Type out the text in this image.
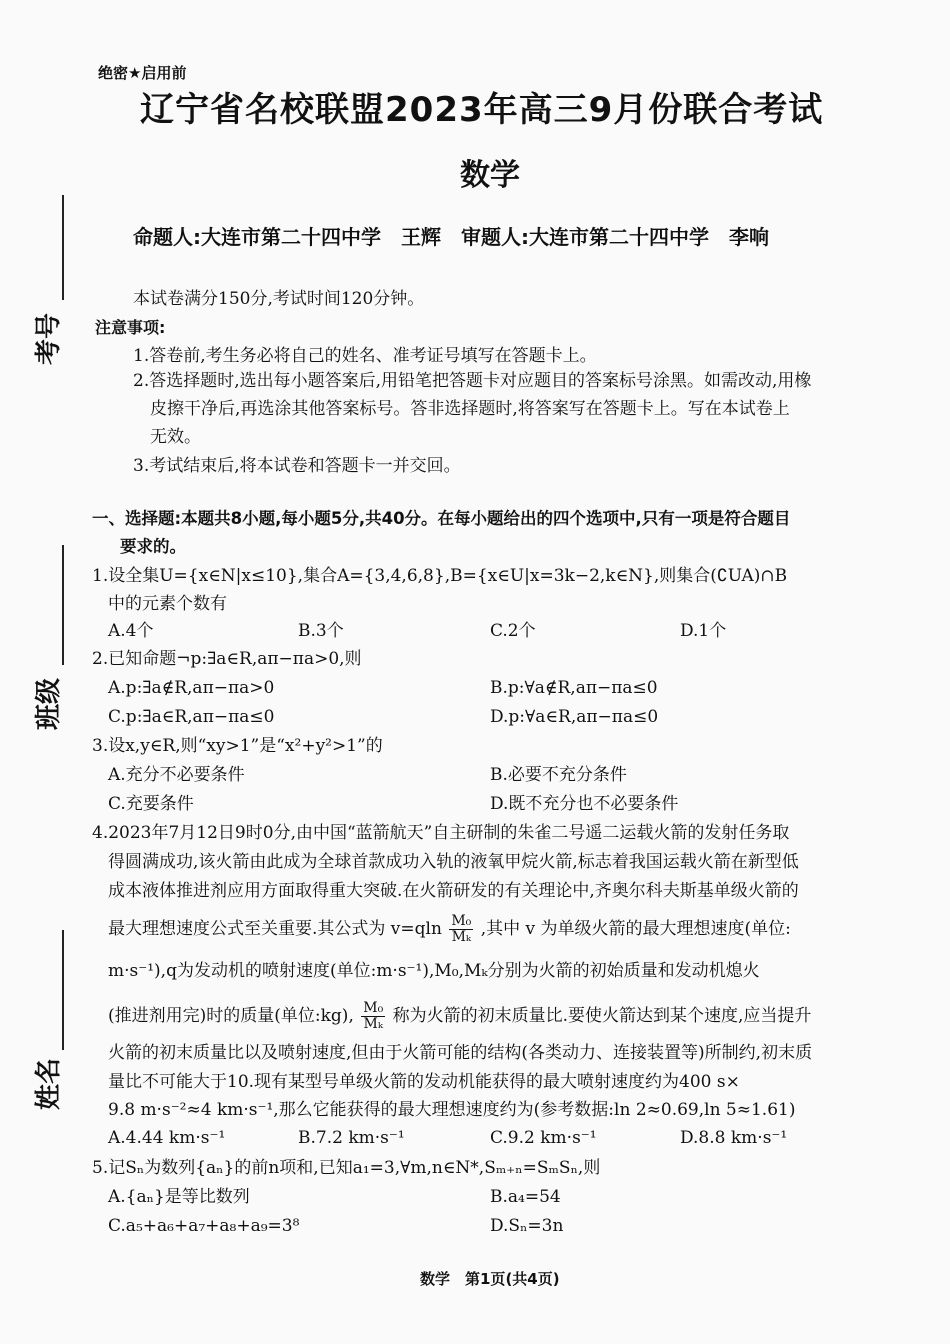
绝密★启用前
辽宁省名校联盟2023年高三9月份联合考试
数学
命题人:大连市第二十四中学　王辉　审题人:大连市第二十四中学　李响
考号
班级
姓名
本试卷满分150分,考试时间120分钟。
注意事项:
1.答卷前,考生务必将自己的姓名、准考证号填写在答题卡上。
2.答选择题时,选出每小题答案后,用铅笔把答题卡对应题目的答案标号涂黑。如需改动,用橡
皮擦干净后,再选涂其他答案标号。答非选择题时,将答案写在答题卡上。写在本试卷上
无效。
3.考试结束后,将本试卷和答题卡一并交回。
一、选择题:本题共8小题,每小题5分,共40分。在每小题给出的四个选项中,只有一项是符合题目
要求的。
1.设全集U={x∈N|x≤10},集合A={3,4,6,8},B={x∈U|x=3k−2,k∈N},则集合(∁UA)∩B
中的元素个数有
A.4个	B.3个	C.2个	D.1个
2.已知命题¬p:∃a∈R,aπ−πa>0,则
A.p:∃a∉R,aπ−πa>0	B.p:∀a∉R,aπ−πa≤0
C.p:∃a∈R,aπ−πa≤0	D.p:∀a∈R,aπ−πa≤0
3.设x,y∈R,则“xy>1”是“x²+y²>1”的
A.充分不必要条件	B.必要不充分条件
C.充要条件	D.既不充分也不必要条件
4.2023年7月12日9时0分,由中国“蓝箭航天”自主研制的朱雀二号遥二运载火箭的发射任务取
得圆满成功,该火箭由此成为全球首款成功入轨的液氧甲烷火箭,标志着我国运载火箭在新型低
成本液体推进剂应用方面取得重大突破.在火箭研发的有关理论中,齐奥尔科夫斯基单级火箭的
最大理想速度公式至关重要.其公式为 $v=qln \frac{\text{M₀}}{\text{Mₖ}}$ ,其中 v 为单级火箭的最大理想速度(单位:
m·s⁻¹),q为发动机的喷射速度(单位:m·s⁻¹),M₀,Mₖ分别为火箭的初始质量和发动机熄火
(推进剂用完)时的质量(单位:kg), $\frac{\text{M₀}}{\text{Mₖ}}$ 称为火箭的初末质量比.要使火箭达到某个速度,应当提升
火箭的初末质量比以及喷射速度,但由于火箭可能的结构(各类动力、连接装置等)所制约,初末质
量比不可能大于10.现有某型号单级火箭的发动机能获得的最大喷射速度约为400 s×
9.8 m·s⁻²≈4 km·s⁻¹,那么它能获得的最大理想速度约为(参考数据:ln 2≈0.69,ln 5≈1.61)
A.4.44 km·s⁻¹	B.7.2 km·s⁻¹	C.9.2 km·s⁻¹	D.8.8 km·s⁻¹
5.记Sₙ为数列{aₙ}的前n项和,已知a₁=3,∀m,n∈N*,Sₘ₊ₙ=SₘSₙ,则
A.{aₙ}是等比数列	B.a₄=54
C.a₅+a₆+a₇+a₈+a₉=3⁸	D.Sₙ=3n
数学　第1页(共4页)
